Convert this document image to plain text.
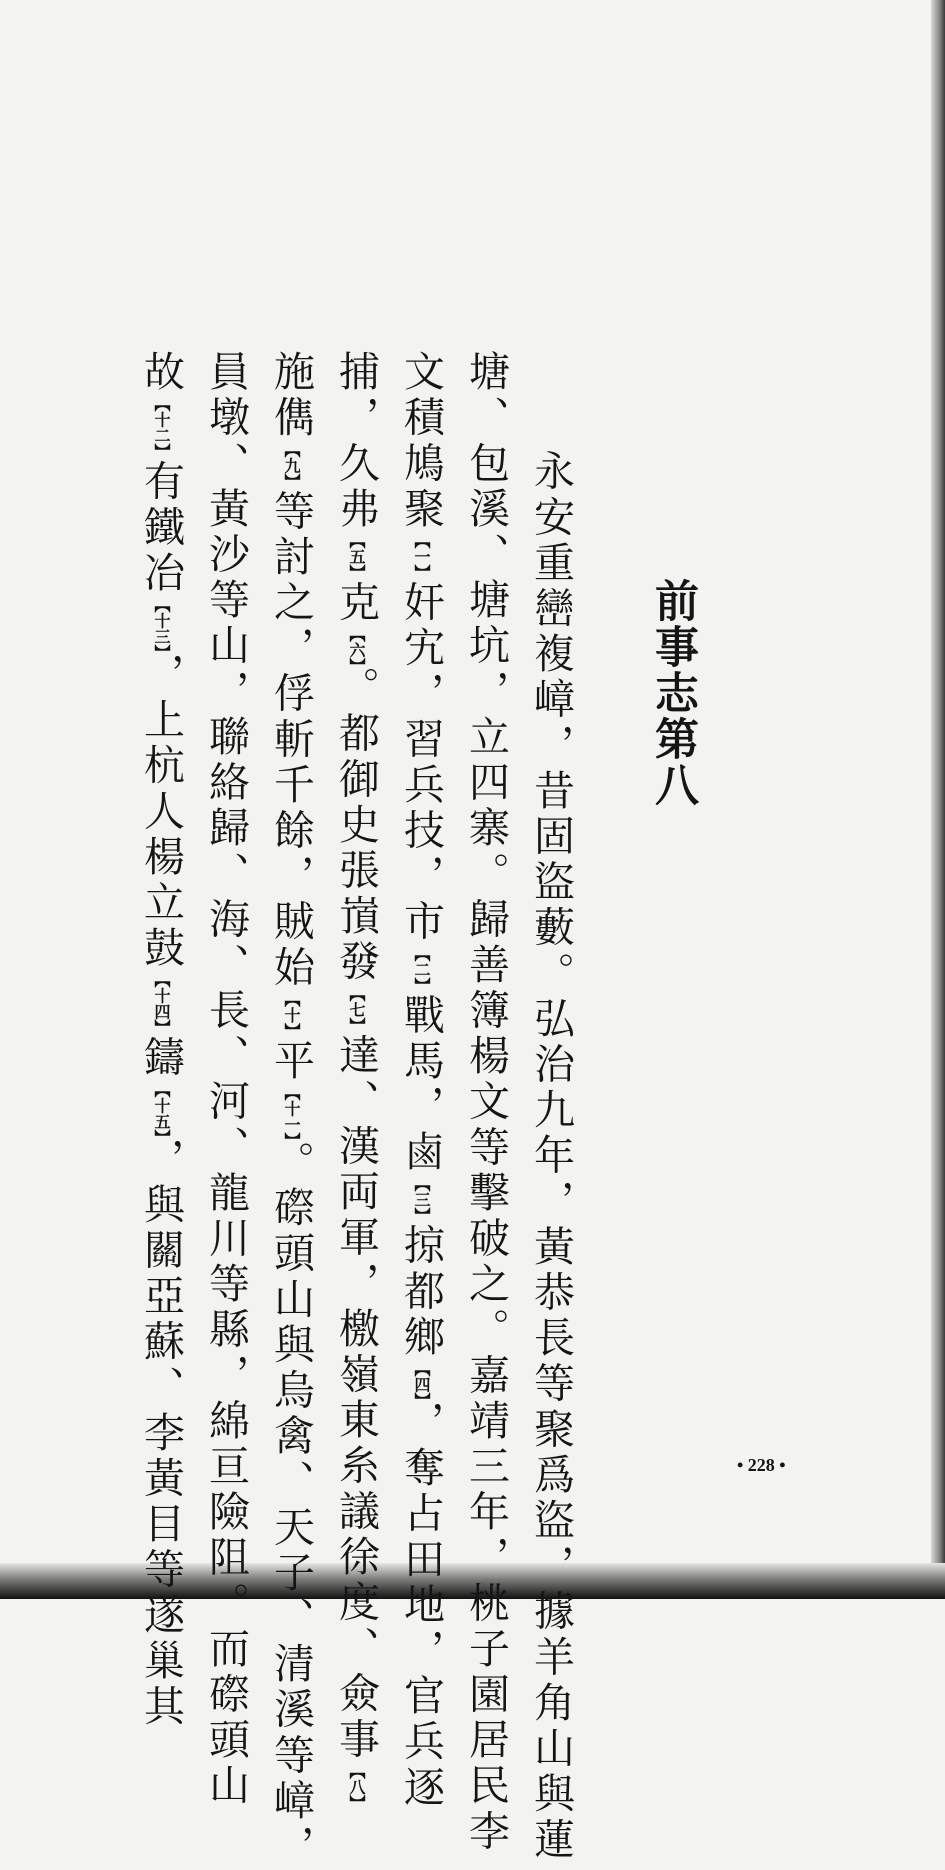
前事志第八
　永安重巒複嶂，昔固盜藪。弘治九年，黃恭長等聚爲盜，據羊角山與蓮
塘、包溪、塘坑，立四寨。歸善簿楊文等擊破之。嘉靖三年，桃子園居民李
文積鳩聚【一】奸宄，習兵技，市【二】戰馬，鹵【三】掠都鄉【四】，奪占田地，官兵逐
捕，久弗【五】克【六】。都御史張嵿發【七】達、漢両軍，檄嶺東糸議徐度、僉事【八】
施儁【九】等討之，俘斬千餘，賊始【十】平【十一】。磜頭山與烏禽、天子、清溪等嶂，
員墩、黃沙等山，聯絡歸、海、長、河、龍川等縣，綿亘險阻。而磜頭山
故【十二】有鐵冶【十三】，上杭人楊立鼓【十四】鑄【十五】，與關亞蘇、李黃目等遂巢其	• 228 •
